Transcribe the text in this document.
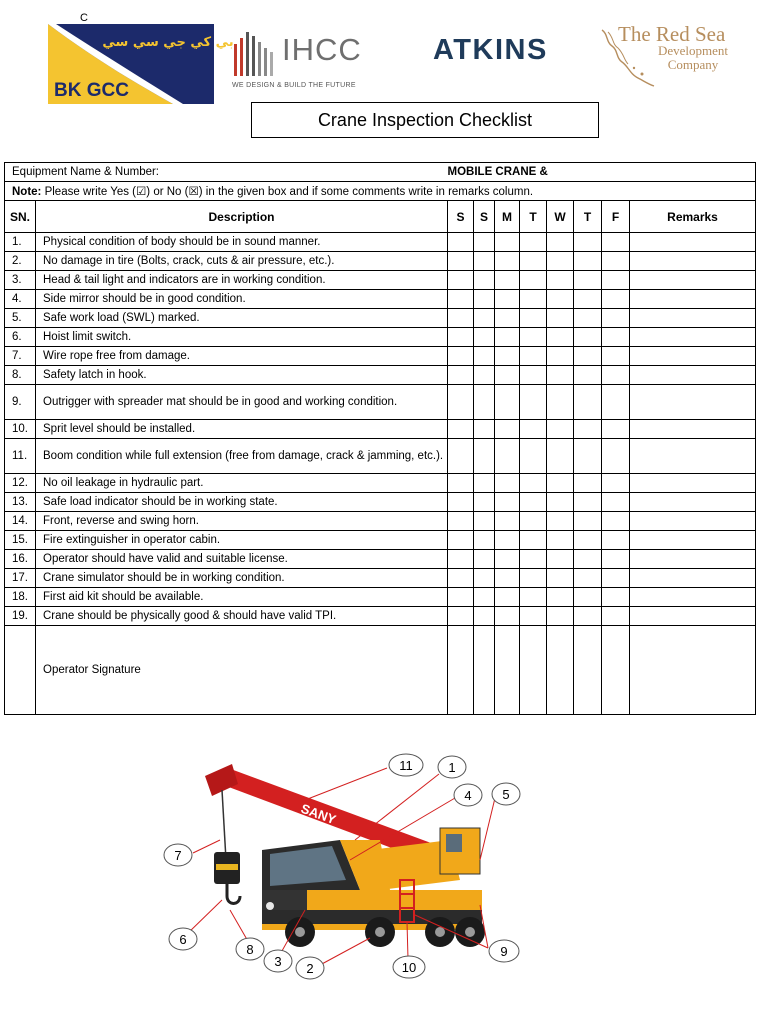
C
بي كي جي سي سي
BK GCC
IHCC
WE DESIGN & BUILD THE FUTURE
ATKINS	The Red Sea
Development
Company
Crane Inspection Checklist
Equipment Name & Number:		MOBILE CRANE &							
Note: Please write Yes (☑) or No (☒) in the given box and if some comments write in remarks column.									
SN.	Description	S	S	M	T	W	T	F	Remarks
1.	Physical condition of body should be in sound manner.								
2.	No damage in tire (Bolts, crack, cuts & air pressure, etc.).								
3.	Head & tail light and indicators are in working condition.								
4.	Side mirror should be in good condition.								
5.	Safe work load (SWL) marked.								
6.	Hoist limit switch.								
7.	Wire rope free from damage.								
8.	Safety latch in hook.								
9.	Outrigger with spreader mat should be in good and working condition.								
10.	Sprit level should be installed.								
11.	Boom condition while full extension (free from damage, crack & jamming, etc.).								
12.	No oil leakage in hydraulic part.								
13.	Safe load indicator should be in working state.								
14.	Front, reverse and swing horn.								
15.	Fire extinguisher in operator cabin.								
16.	Operator should have valid and suitable license.								
17.	Crane simulator should be in working condition.								
18.	First aid kit should be available.								
19.	Crane should be physically good & should have valid TPI.								
	Operator Signature								
SANY
11	1
4 5
7
6
8
3 2	10
9
